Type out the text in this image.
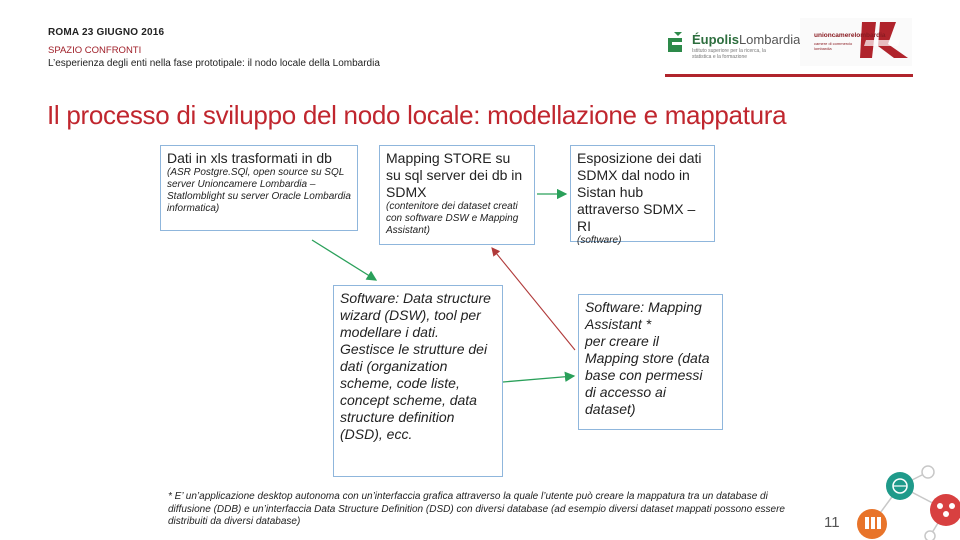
ROMA 23 GIUGNO 2016
SPAZIO CONFRONTI
L’esperienza degli enti nella fase prototipale: il nodo locale della Lombardia
ÉupolisLombardia
Istituto superiore per la ricerca, la statistica e la formazione
unioncamerelombardia
camere di commercio lombardia
Il processo di sviluppo del nodo locale: modellazione e mappatura
Dati in xls trasformati in db
(ASR Postgre.SQl, open source su SQL server Unioncamere Lombardia – Statlomblight su server Oracle Lombardia informatica)
Mapping STORE su su sql server dei db in SDMX
(contenitore dei dataset creati con software DSW e Mapping Assistant)
Esposizione dei dati SDMX dal nodo in Sistan hub attraverso SDMX –RI
(software)
Software: Data structure wizard (DSW), tool per modellare i dati.
Gestisce le strutture dei dati (organization scheme, code liste, concept scheme, data structure definition (DSD), ecc.
Software: Mapping Assistant *
per creare il Mapping store (data base con permessi di accesso ai dataset)
* E’ un’applicazione desktop autonoma con un’interfaccia grafica attraverso la quale l’utente può creare la mappatura tra un database di diffusione (DDB) e un’interfaccia Data Structure Definition (DSD) con diversi database (ad esempio diversi dataset mappati possono essere distribuiti da diversi database)	11
